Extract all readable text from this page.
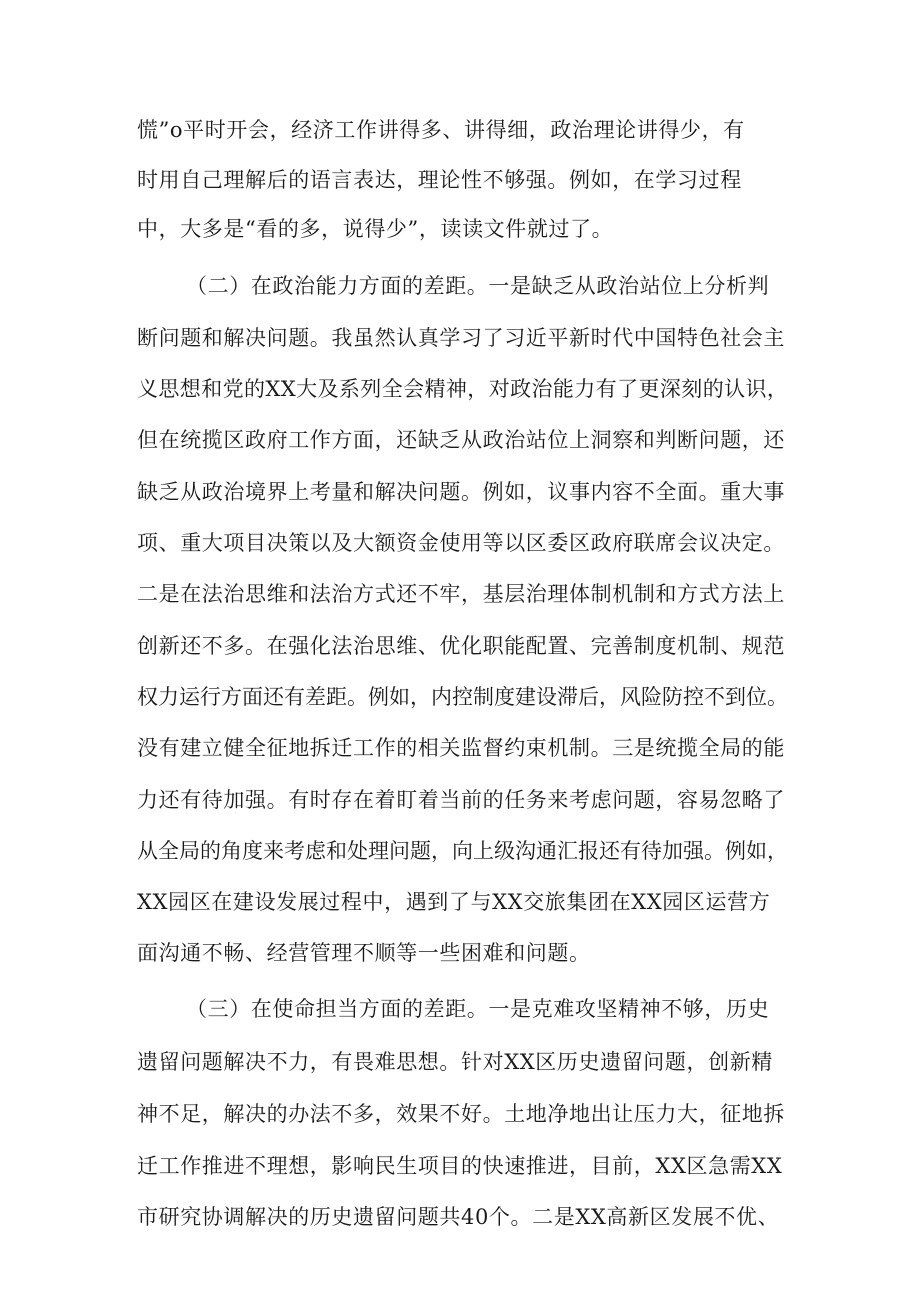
慌”o平时开会，经济工作讲得多、讲得细，政治理论讲得少，有
时用自己理解后的语言表达，理论性不够强。例如，在学习过程
中，大多是“看的多，说得少”，读读文件就过了。
（二）在政治能力方面的差距。一是缺乏从政治站位上分析判
断问题和解决问题。我虽然认真学习了习近平新时代中国特色社会主
义思想和党的XX大及系列全会精神，对政治能力有了更深刻的认识，
但在统揽区政府工作方面，还缺乏从政治站位上洞察和判断问题，还
缺乏从政治境界上考量和解决问题。例如，议事内容不全面。重大事
项、重大项目决策以及大额资金使用等以区委区政府联席会议决定。
二是在法治思维和法治方式还不牢，基层治理体制机制和方式方法上
创新还不多。在强化法治思维、优化职能配置、完善制度机制、规范
权力运行方面还有差距。例如，内控制度建设滞后，风险防控不到位。
没有建立健全征地拆迁工作的相关监督约束机制。三是统揽全局的能
力还有待加强。有时存在着盯着当前的任务来考虑问题，容易忽略了
从全局的角度来考虑和处理问题，向上级沟通汇报还有待加强。例如，
XX园区在建设发展过程中，遇到了与XX交旅集团在XX园区运营方
面沟通不畅、经营管理不顺等一些困难和问题。
（三）在使命担当方面的差距。一是克难攻坚精神不够，历史
遗留问题解决不力，有畏难思想。针对XX区历史遗留问题，创新精
神不足，解决的办法不多，效果不好。土地净地出让压力大，征地拆
迁工作推进不理想，影响民生项目的快速推进，目前，XX区急需XX
市研究协调解决的历史遗留问题共40个。二是XX高新区发展不优、
